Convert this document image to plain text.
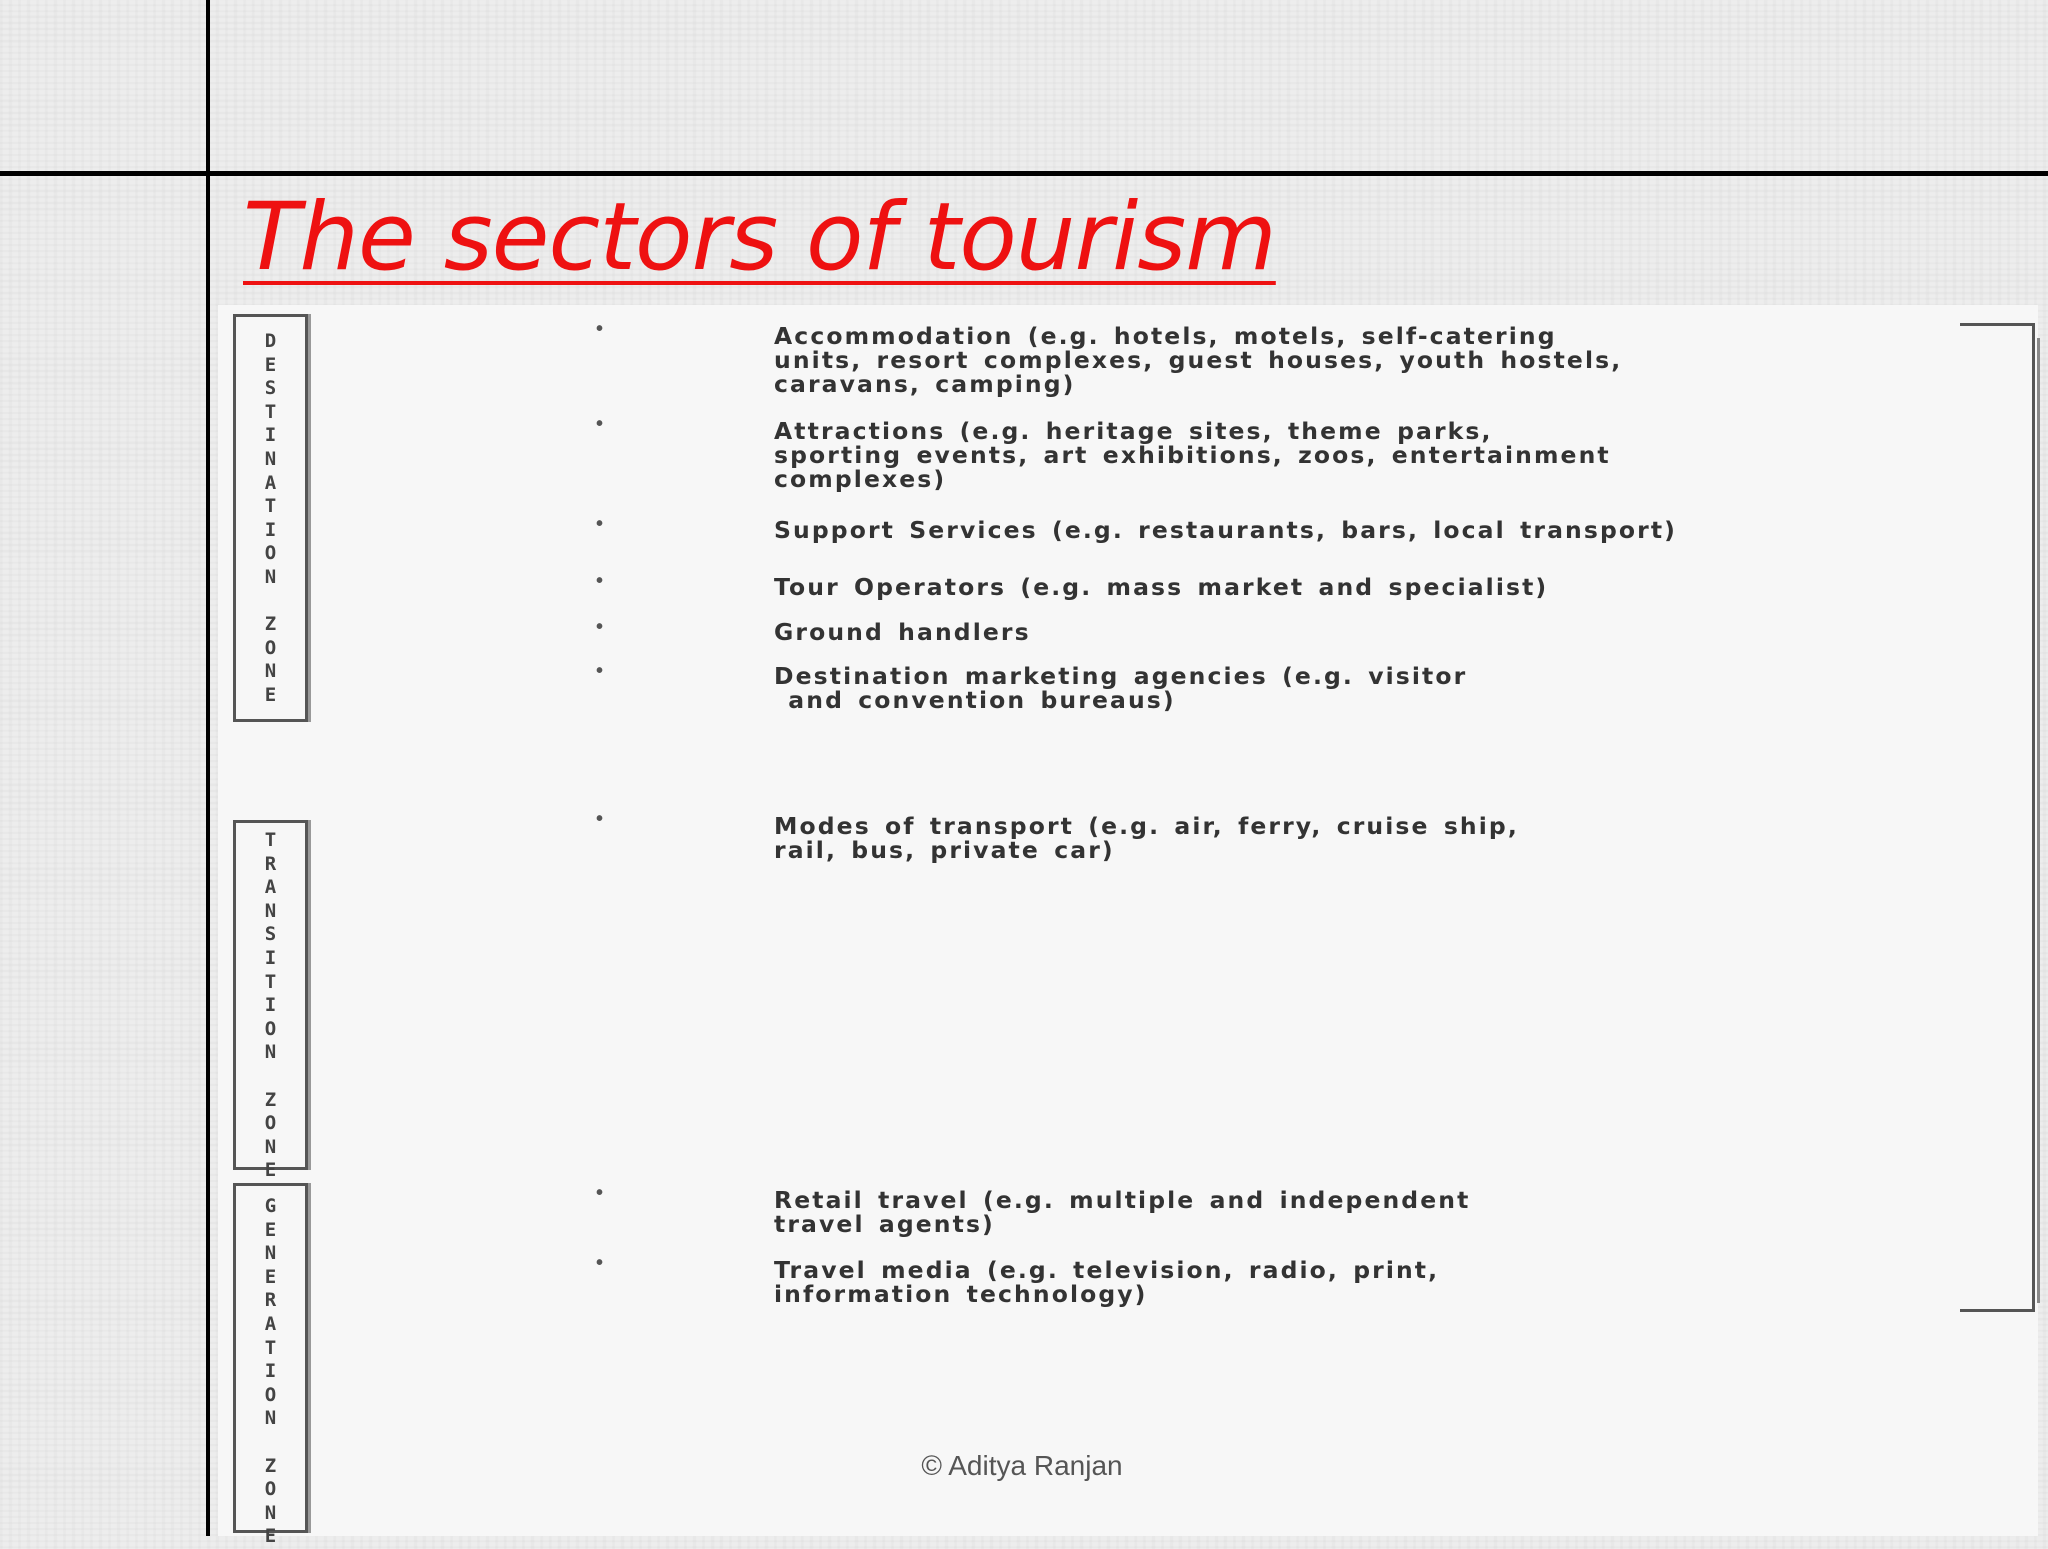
The sectors of tourism
D
E
S
T
I
N
A
T
I
O
N

Z
O
N
E
T
R
A
N
S
I
T
I
O
N

Z
O
N
E
G
E
N
E
R
A
T
I
O
N

Z
O
N
E
•
•
•
•
•
•
•
•
•
Accommodation (e.g. hotels, motels, self-catering
units, resort complexes, guest houses, youth hostels,
caravans, camping)
Attractions (e.g. heritage sites, theme parks,
sporting events, art exhibitions, zoos, entertainment
complexes)
Support Services (e.g. restaurants, bars, local transport)
Tour Operators (e.g. mass market and specialist)
Ground handlers
Destination marketing agencies (e.g. visitor
and convention bureaus)
Modes of transport (e.g. air, ferry, cruise ship,
rail, bus, private car)
Retail travel (e.g. multiple and independent
travel agents)
Travel media (e.g. television, radio, print,
information technology)
© Aditya Ranjan
